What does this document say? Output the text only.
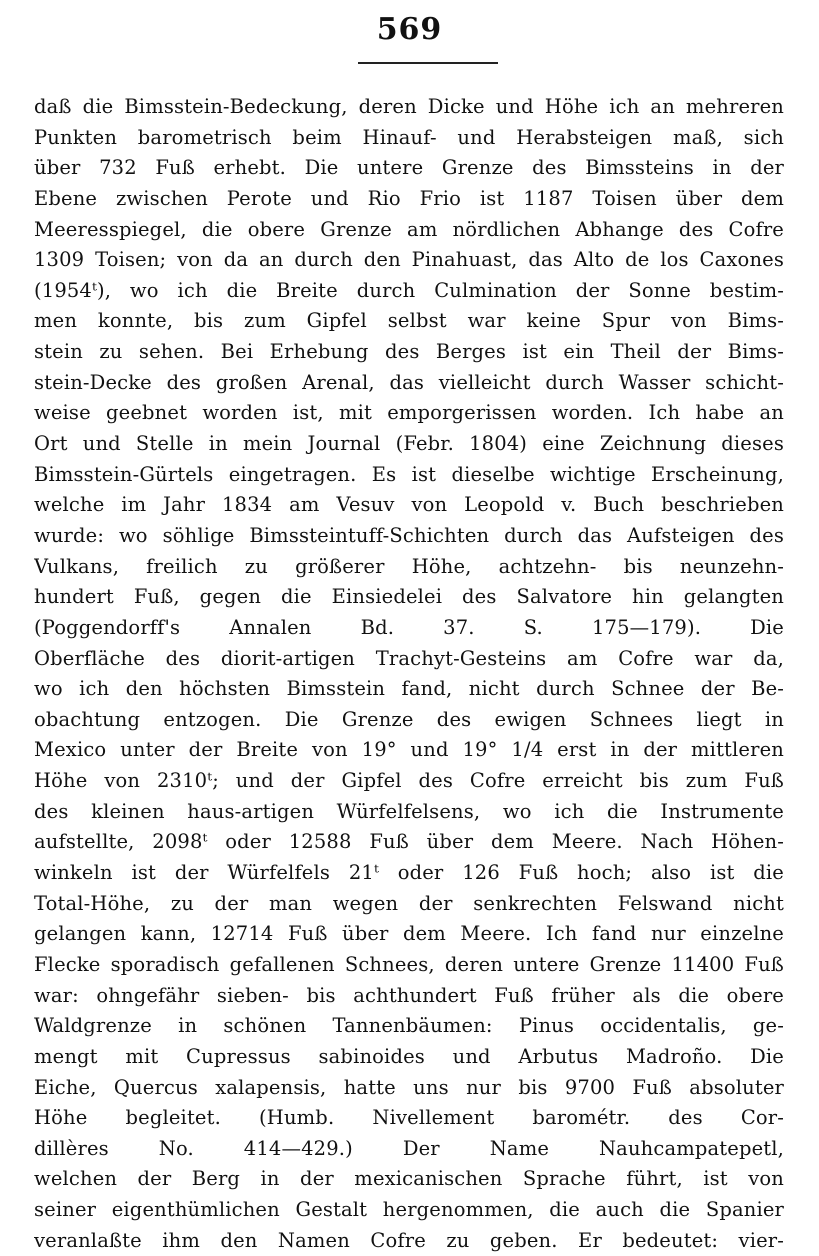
569
daß die Bimsstein-Bedeckung, deren Dicke und Höhe ich an mehreren
Punkten barometrisch beim Hinauf- und Herabsteigen maß, sich
über 732 Fuß erhebt. Die untere Grenze des Bimssteins in der
Ebene zwischen Perote und Rio Frio ist 1187 Toisen über dem
Meeresspiegel, die obere Grenze am nördlichen Abhange des Cofre
1309 Toisen; von da an durch den Pinahuast, das Alto de los Caxones
(1954ᵗ), wo ich die Breite durch Culmination der Sonne bestim-
men konnte, bis zum Gipfel selbst war keine Spur von Bims-
stein zu sehen. Bei Erhebung des Berges ist ein Theil der Bims-
stein-Decke des großen Arenal, das vielleicht durch Wasser schicht-
weise geebnet worden ist, mit emporgerissen worden. Ich habe an
Ort und Stelle in mein Journal (Febr. 1804) eine Zeichnung dieses
Bimsstein-Gürtels eingetragen. Es ist dieselbe wichtige Erscheinung,
welche im Jahr 1834 am Vesuv von Leopold v. Buch beschrieben
wurde: wo söhlige Bimssteintuff-Schichten durch das Aufsteigen des
Vulkans, freilich zu größerer Höhe, achtzehn- bis neunzehn-
hundert Fuß, gegen die Einsiedelei des Salvatore hin gelangten
(Poggendorff's Annalen Bd. 37. S. 175—179). Die
Oberfläche des diorit-artigen Trachyt-Gesteins am Cofre war da,
wo ich den höchsten Bimsstein fand, nicht durch Schnee der Be-
obachtung entzogen. Die Grenze des ewigen Schnees liegt in
Mexico unter der Breite von 19° und 19° 1/4 erst in der mittleren
Höhe von 2310ᵗ; und der Gipfel des Cofre erreicht bis zum Fuß
des kleinen haus-artigen Würfelfelsens, wo ich die Instrumente
aufstellte, 2098ᵗ oder 12588 Fuß über dem Meere. Nach Höhen-
winkeln ist der Würfelfels 21ᵗ oder 126 Fuß hoch; also ist die
Total-Höhe, zu der man wegen der senkrechten Felswand nicht
gelangen kann, 12714 Fuß über dem Meere. Ich fand nur einzelne
Flecke sporadisch gefallenen Schnees, deren untere Grenze 11400 Fuß
war: ohngefähr sieben- bis achthundert Fuß früher als die obere
Waldgrenze in schönen Tannenbäumen: Pinus occidentalis, ge-
mengt mit Cupressus sabinoides und Arbutus Madroño. Die
Eiche, Quercus xalapensis, hatte uns nur bis 9700 Fuß absoluter
Höhe begleitet. (Humb. Nivellement barométr. des Cor-
dillères No. 414—429.) Der Name Nauhcampatepetl,
welchen der Berg in der mexicanischen Sprache führt, ist von
seiner eigenthümlichen Gestalt hergenommen, die auch die Spanier
veranlaßte ihm den Namen Cofre zu geben. Er bedeutet: vier-
